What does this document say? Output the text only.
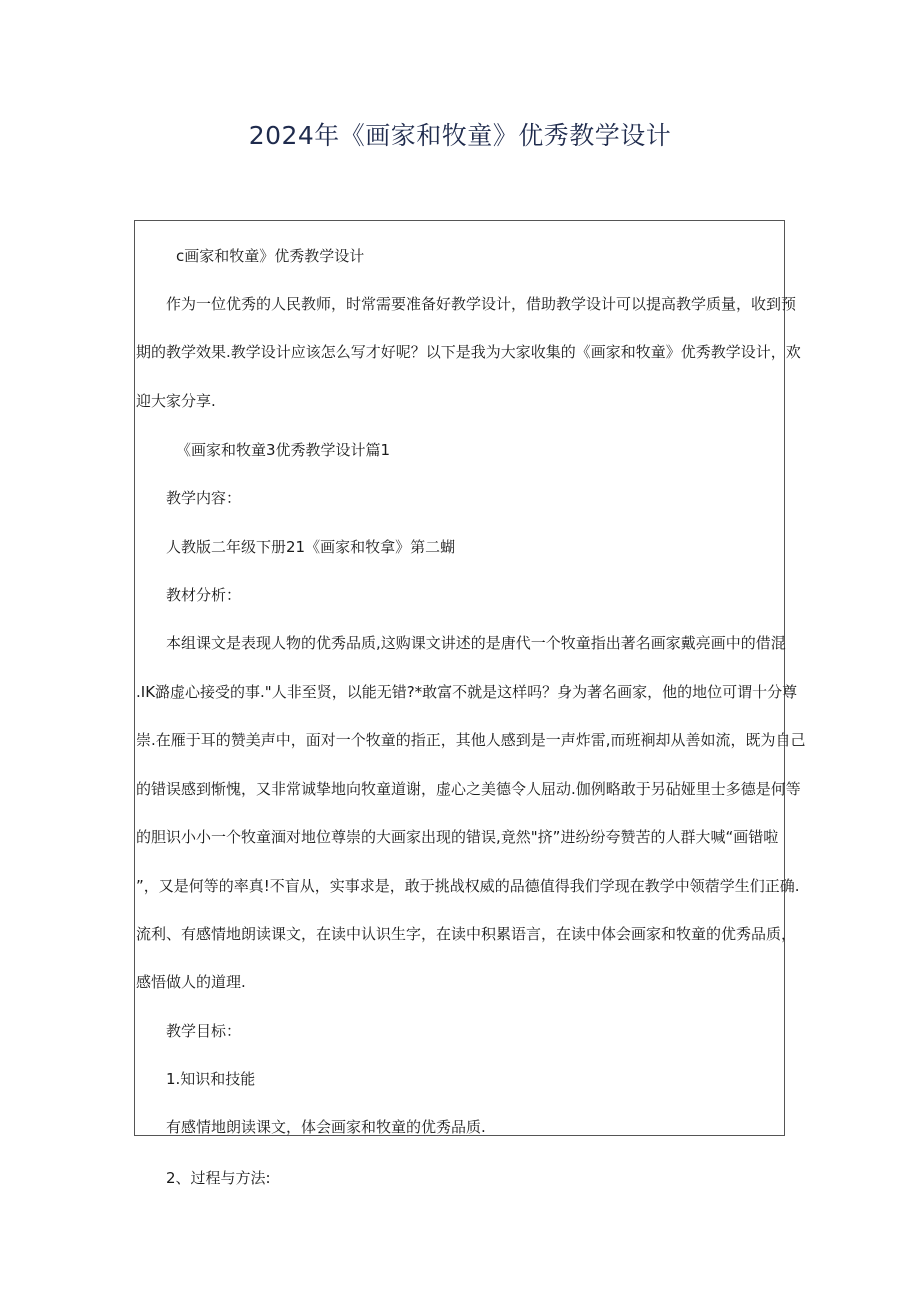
2024年《画家和牧童》优秀教学设计
c画家和牧童》优秀教学设计
作为一位优秀的人民教师，时常需要准备好教学设计，借助教学设计可以提高教学质量，收到预
期的教学效果.教学设计应该怎么写才好呢？以下是我为大家收集的《画家和牧童》优秀教学设计，欢
迎大家分享.
《画家和牧童3优秀教学设计篇1
教学内容：
人教版二年级下册21《画家和牧拿》第二蝴
教材分析：
本组课文是表现人物的优秀品质,这购课文讲述的是唐代一个牧童指出著名画家戴亮画中的借混
.IK潞虚心接受的事."人非至贤，以能无错?*敢富不就是这样吗？身为著名画家，他的地位可谓十分尊
崇.在雁于耳的赞美声中，面对一个牧童的指正，其他人感到是一声炸雷,而班裥却从善如流，既为自己
的错误感到惭愧，又非常诚挚地向牧童道谢，虚心之美德令人屈动.伽例略敢于另砧娅里士多德是何等
的胆识小小一个牧童湎对地位尊崇的大画家出现的错误,竟然"挤”进纷纷夸赞苦的人群大喊“画错啦
”，又是何等的率真!不盲从，实事求是，敢于挑战权威的品德值得我们学现在教学中领蓿学生们正确.
流利、有感情地朗读课文，在读中认识生字，在读中积累语言，在读中体会画家和牧童的优秀品质，
感悟做人的道理.
教学目标：
1.知识和技能
有感情地朗读课文，体会画家和牧童的优秀品质.
2、过程与方法:
